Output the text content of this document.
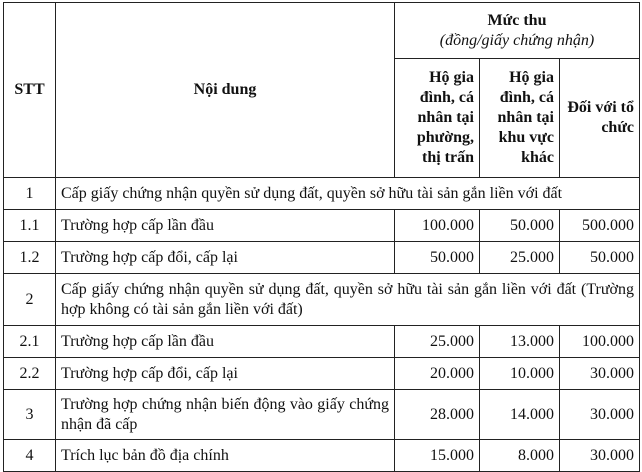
STT	Nội dung	Mức thu
(đồng/giấy chứng nhận)		

		Hộ gia đình, cá nhân tại phường, thị trấn	Hộ gia đình, cá nhân tại khu vực khác	Đối với tổ chức
1	Cấp giấy chứng nhận quyền sử dụng đất, quyền sở hữu tài sản gắn liền với đất			
1.1	Trường hợp cấp lần đầu	100.000	50.000	500.000
1.2	Trường hợp cấp đổi, cấp lại	50.000	25.000	50.000
2	Cấp giấy chứng nhận quyền sử dụng đất, quyền sở hữu tài sản gắn liền với đất (Trường hợp không có tài sản gắn liền với đất)			
2.1	Trường hợp cấp lần đầu	25.000	13.000	100.000
2.2	Trường hợp cấp đổi, cấp lại	20.000	10.000	30.000
3	Trường hợp chứng nhận biến động vào giấy chứng nhận đã cấp	28.000	14.000	30.000
4	Trích lục bản đồ địa chính	15.000	8.000	30.000
